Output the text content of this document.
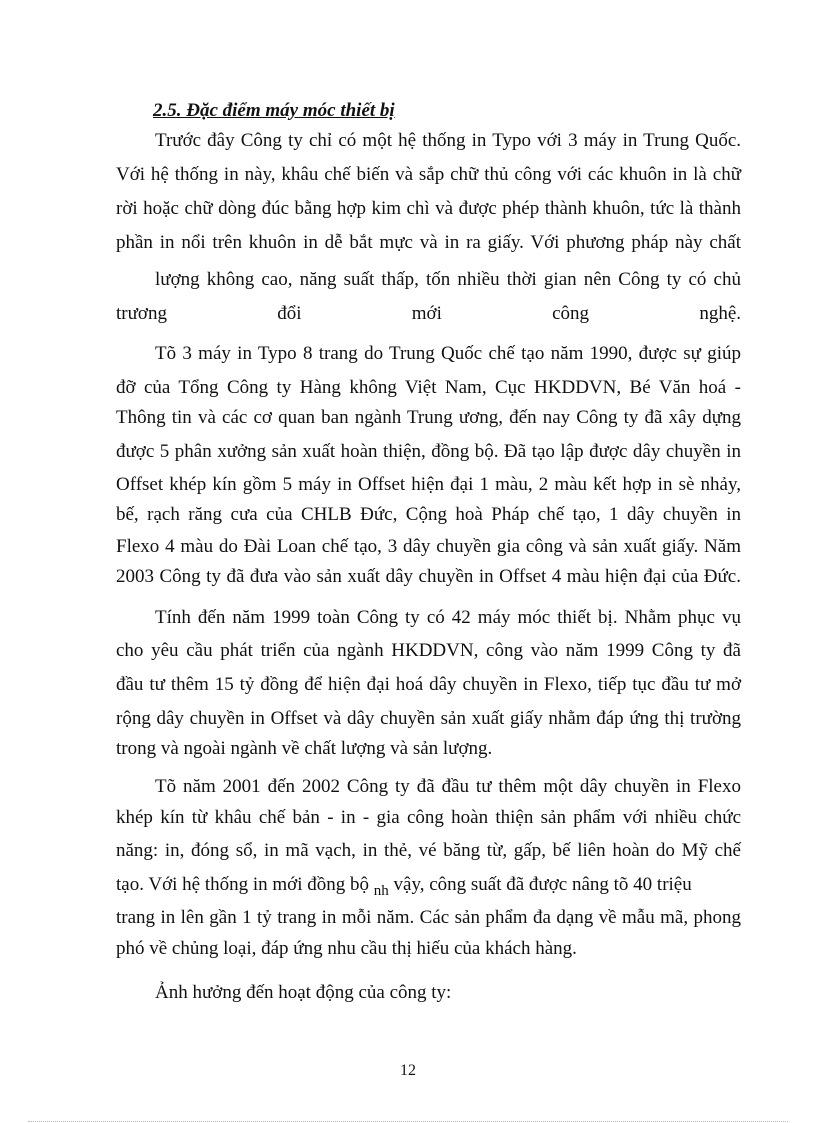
2.5. Đặc điểm máy móc thiết bị
Trước đây Công ty chỉ có một hệ thống in Typo với 3 máy in Trung Quốc.
Với hệ thống in này, khâu chế biến và sắp chữ thủ công với các khuôn in là chữ
rời hoặc chữ dòng đúc bằng hợp kim chì và được phép thành khuôn, tức là thành
phần in nổi trên khuôn in dễ bắt mực và in ra giấy. Với phương pháp này chất
lượng không cao, năng suất thấp, tốn nhiều thời gian nên Công ty có chủ
trương đổi mới công nghệ.
Tõ 3 máy in Typo 8 trang do Trung Quốc chế tạo năm 1990, được sự giúp
đỡ của Tổng Công ty Hàng không Việt Nam, Cục HKDDVN, Bé Văn hoá -
Thông tin và các cơ quan ban ngành Trung ương, đến nay Công ty đã xây dựng
được 5 phân xưởng sản xuất hoàn thiện, đồng bộ. Đã tạo lập được dây chuyền in
Offset khép kín gồm 5 máy in Offset hiện đại 1 màu, 2 màu kết hợp in sè nhảy,
bế, rạch răng cưa của CHLB Đức, Cộng hoà Pháp chế tạo, 1 dây chuyền in
Flexo 4 màu do Đài Loan chế tạo, 3 dây chuyền gia công và sản xuất giấy. Năm
2003 Công ty đã đưa vào sản xuất dây chuyền in Offset 4 màu hiện đại của Đức.
Tính đến năm 1999 toàn Công ty có 42 máy móc thiết bị. Nhằm phục vụ
cho yêu cầu phát triển của ngành HKDDVN, công vào năm 1999 Công ty đã
đầu tư thêm 15 tỷ đồng để hiện đại hoá dây chuyền in Flexo, tiếp tục đầu tư mở
rộng dây chuyền in Offset và dây chuyền sản xuất giấy nhằm đáp ứng thị trường
trong và ngoài ngành về chất lượng và sản lượng.
Tõ năm 2001 đến 2002 Công ty đã đầu tư thêm một dây chuyền in Flexo
khép kín từ khâu chế bản - in - gia công hoàn thiện sản phẩm với nhiều chức
năng: in, đóng sổ, in mã vạch, in thẻ, vé băng từ, gấp, bế liên hoàn do Mỹ chế
tạo. Với hệ thống in mới đồng bộ $_{nh}$ vậy, công suất đã được nâng tõ 40 triệu
trang in lên gần 1 tỷ trang in mỗi năm. Các sản phẩm đa dạng về mẫu mã, phong
phó về chủng loại, đáp ứng nhu cầu thị hiếu của khách hàng.
Ảnh hưởng đến hoạt động của công ty:
12
